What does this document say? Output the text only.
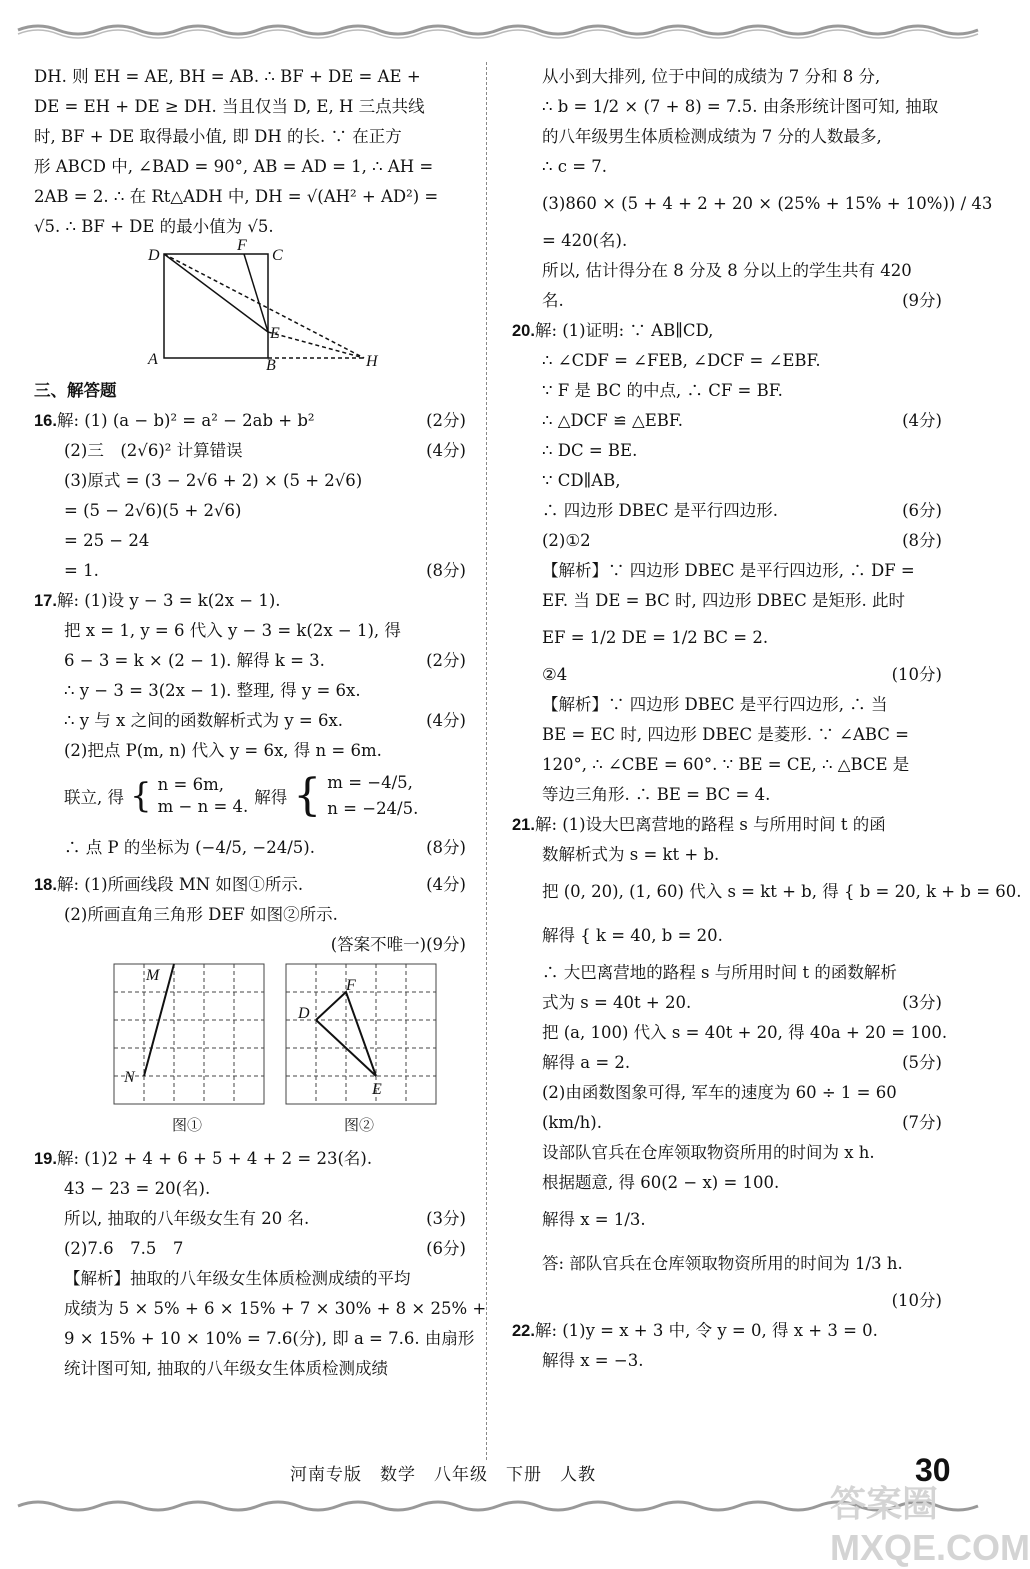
DH. 则 EH = AE, BH = AB. ∴ BF + DE = AE +
DE = EH + DE ≥ DH. 当且仅当 D, E, H 三点共线
时, BF + DE 取得最小值, 即 DH 的长. ∵ 在正方
形 ABCD 中, ∠BAD = 90°, AB = AD = 1, ∴ AH =
2AB = 2. ∴ 在 Rt△ADH 中, DH = √(AH² + AD²) =
√5. ∴ BF + DE 的最小值为 √5.
D
F
C
E
A	B	H
三、解答题
16.解: (1) (a − b)² = a² − 2ab + b²	(2分)
(2)三　(2√6)² 计算错误	(4分)
(3)原式 = (3 − 2√6 + 2) × (5 + 2√6)
= (5 − 2√6)(5 + 2√6)
= 25 − 24
= 1.	(8分)
17.解: (1)设 y − 3 = k(2x − 1).
把 x = 1, y = 6 代入 y − 3 = k(2x − 1), 得
6 − 3 = k × (2 − 1). 解得 k = 3.	(2分)
∴ y − 3 = 3(2x − 1). 整理, 得 y = 6x.
∴ y 与 x 之间的函数解析式为 y = 6x.	(4分)
(2)把点 P(m, n) 代入 y = 6x, 得 n = 6m.
联立, 得 { n = 6m,
m − n = 4. 解得 { m = −4/5,
n = −24/5.
∴ 点 P 的坐标为 (−4/5, −24/5).	(8分)
18.解: (1)所画线段 MN 如图①所示.	(4分)
(2)所画直角三角形 DEF 如图②所示.
(答案不唯一)(9分)
M
N
D
F
E
图①	图②
19.解: (1)2 + 4 + 6 + 5 + 4 + 2 = 23(名).
43 − 23 = 20(名).
所以, 抽取的八年级女生有 20 名.	(3分)
(2)7.6　7.5　7	(6分)
【解析】抽取的八年级女生体质检测成绩的平均
成绩为 5 × 5% + 6 × 15% + 7 × 30% + 8 × 25% +
9 × 15% + 10 × 10% = 7.6(分), 即 a = 7.6. 由扇形
统计图可知, 抽取的八年级女生体质检测成绩
从小到大排列, 位于中间的成绩为 7 分和 8 分,
∴ b = 1/2 × (7 + 8) = 7.5. 由条形统计图可知, 抽取
的八年级男生体质检测成绩为 7 分的人数最多,
∴ c = 7.
(3)860 × (5 + 4 + 2 + 20 × (25% + 15% + 10%)) / 43
= 420(名).
所以, 估计得分在 8 分及 8 分以上的学生共有 420
名.	(9分)
20.解: (1)证明: ∵ AB∥CD,
∴ ∠CDF = ∠FEB, ∠DCF = ∠EBF.
∵ F 是 BC 的中点, ∴ CF = BF.
∴ △DCF ≌ △EBF.	(4分)
∴ DC = BE.
∵ CD∥AB,
∴ 四边形 DBEC 是平行四边形.	(6分)
(2)①2	(8分)
【解析】∵ 四边形 DBEC 是平行四边形, ∴ DF =
EF. 当 DE = BC 时, 四边形 DBEC 是矩形. 此时
EF = 1/2 DE = 1/2 BC = 2.
②4	(10分)
【解析】∵ 四边形 DBEC 是平行四边形, ∴ 当
BE = EC 时, 四边形 DBEC 是菱形. ∵ ∠ABC =
120°, ∴ ∠CBE = 60°. ∵ BE = CE, ∴ △BCE 是
等边三角形. ∴ BE = BC = 4.
21.解: (1)设大巴离营地的路程 s 与所用时间 t 的函
数解析式为 s = kt + b.
把 (0, 20), (1, 60) 代入 s = kt + b, 得 { b = 20, k + b = 60.
解得 { k = 40, b = 20.
∴ 大巴离营地的路程 s 与所用时间 t 的函数解析
式为 s = 40t + 20.	(3分)
把 (a, 100) 代入 s = 40t + 20, 得 40a + 20 = 100.
解得 a = 2.	(5分)
(2)由函数图象可得, 军车的速度为 60 ÷ 1 = 60
(km/h).	(7分)
设部队官兵在仓库领取物资所用的时间为 x h.
根据题意, 得 60(2 − x) = 100.
解得 x = 1/3.
答: 部队官兵在仓库领取物资所用的时间为 1/3 h.
(10分)
22.解: (1)y = x + 3 中, 令 y = 0, 得 x + 3 = 0.
解得 x = −3.
河南专版　数学　八年级　下册　人教
答案圈 MXQE.COM
30
